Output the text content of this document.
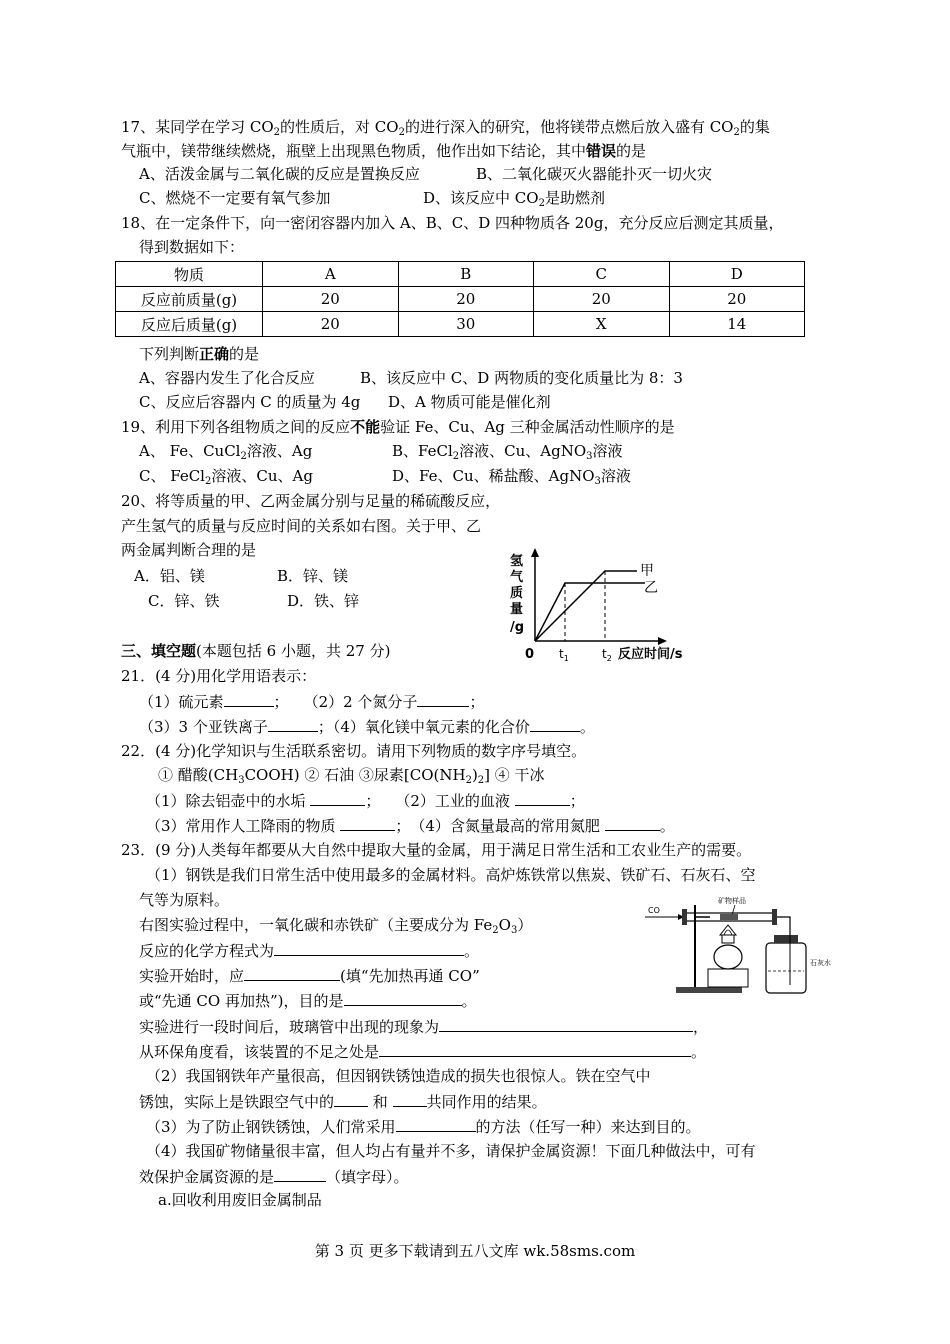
17、某同学在学习 $CO_2$的性质后，对 $CO_2$的进行深入的研究，他将镁带点燃后放入盛有 $CO_2$的集
气瓶中，镁带继续燃烧，瓶壁上出现黑色物质，他作出如下结论，其中错误的是
A、活泼金属与二氧化碳的反应是置换反应	B、二氧化碳灭火器能扑灭一切火灾
C、燃烧不一定要有氧气参加	D、该反应中 $CO_2$是助燃剂
18、在一定条件下，向一密闭容器内加入 A、B、C、D 四种物质各 20g，充分反应后测定其质量，
得到数据如下：
物质	A	B	C	D
反应前质量(g)	20	20	20	20
反应后质量(g)	20	30	X	14
下列判断正确的是
A、容器内发生了化合反应	B、该反应中 C、D 两物质的变化质量比为 8：3
C、反应后容器内 C 的质量为 4g D、A 物质可能是催化剂
19、利用下列各组物质之间的反应不能验证 Fe、Cu、Ag 三种金属活动性顺序的是
A、 Fe、CuCl$_2$溶液、Ag	B、FeCl$_2$溶液、Cu、AgNO$_3$溶液
C、 FeCl$_2$溶液、Cu、Ag	D、Fe、Cu、稀盐酸、AgNO$_3$溶液
20、将等质量的甲、乙两金属分别与足量的稀硫酸反应，
产生氢气的质量与反应时间的关系如右图。关于甲、乙
两金属判断合理的是
A．铝、镁	B．锌、镁
C．锌、铁	D．铁、锌
氢
气
质
量
/g
甲
乙
0 $t_1$	$t_2$ 反应时间/s
三、填空题(本题包括 6 小题，共 27 分)
21．(4 分)用化学用语表示：
（1）硫元素	；　　 （2）2 个氮分子	；
（3）3 个亚铁离子	；（4）氧化镁中氧元素的化合价	。
22．(4 分)化学知识与生活联系密切。请用下列物质的数字序号填空。
① 醋酸$(CH_3COOH)$ ② 石油 ③尿素$[CO(NH_2)_2]$ ④ 干冰
（1）除去铝壶中的水垢	；　　 （2）工业的血液	；
（3）常用作人工降雨的物质	；　 （4）含氮量最高的常用氮肥	。
23．(9 分)人类每年都要从大自然中提取大量的金属，用于满足日常生活和工农业生产的需要。
（1）钢铁是我们日常生活中使用最多的金属材料。高炉炼铁常以焦炭、铁矿石、石灰石、空
气等为原料。
右图实验过程中，一氧化碳和赤铁矿（主要成分为 $Fe_2O_3$）
反应的化学方程式为	。
实验开始时，应	(填“先加热再通 CO”
或“先通 CO 再加热”)，目的是	。
实验进行一段时间后，玻璃管中出现的现象为	，
从环保角度看，该装置的不足之处是	。
（2）我国钢铁年产量很高，但因钢铁锈蚀造成的损失也很惊人。铁在空气中
锈蚀，实际上是铁跟空气中的 和 共同作用的结果。
（3）为了防止钢铁锈蚀，人们常采用	的方法（任写一种）来达到目的。
（4）我国矿物储量很丰富，但人均占有量并不多，请保护金属资源！下面几种做法中，可有
效保护金属资源的是	（填字母）。
a.回收利用废旧金属制品
CO
矿物样品
石灰水
第 3 页 更多下载请到五八文库 wk.58sms.com
